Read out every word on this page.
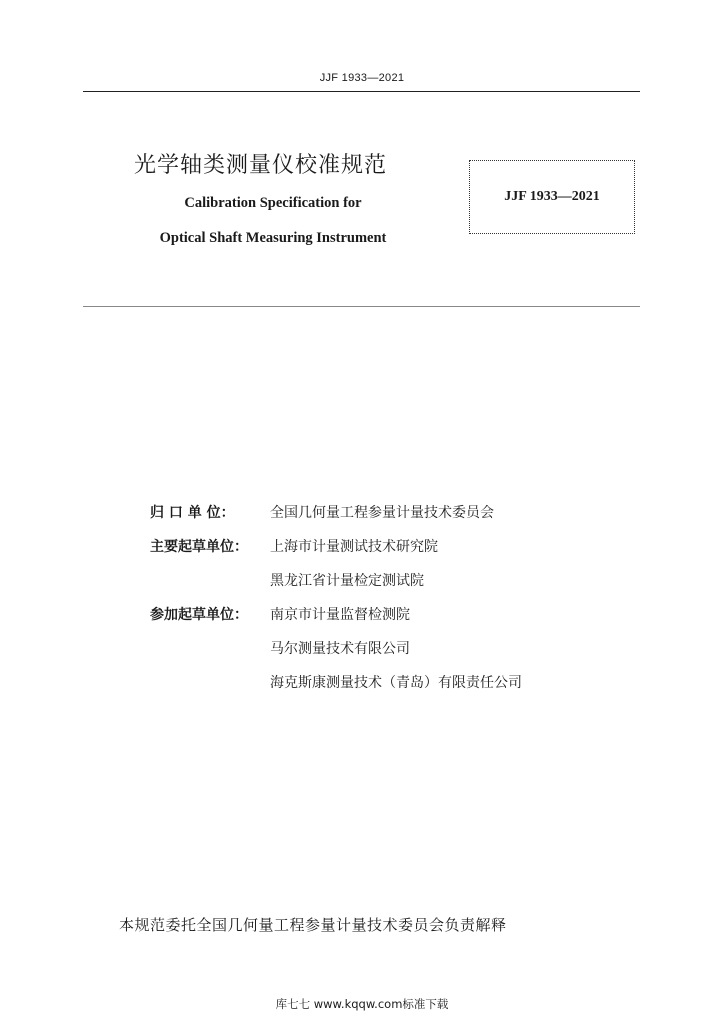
JJF 1933—2021
光学轴类测量仪校准规范
Calibration Specification for
Optical Shaft Measuring Instrument
JJF 1933—2021
归 口 单 位：	全国几何量工程参量计量技术委员会
主要起草单位：	上海市计量测试技术研究院
黑龙江省计量检定测试院
参加起草单位：	南京市计量监督检测院
马尔测量技术有限公司
海克斯康测量技术（青岛）有限责任公司
本规范委托全国几何量工程参量计量技术委员会负责解释
库七七 www.kqqw.com标准下载
